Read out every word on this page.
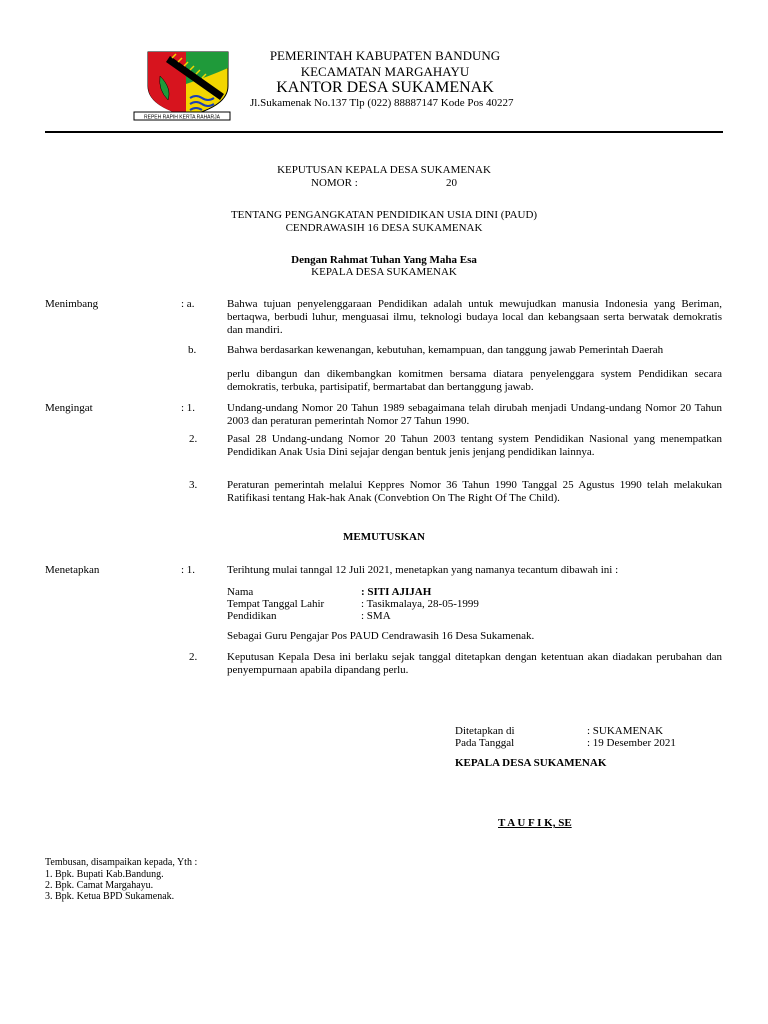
REPEH RAPIH KERTA RAHARJA
PEMERINTAH KABUPATEN BANDUNG
KECAMATAN MARGAHAYU
KANTOR DESA SUKAMENAK
Jl.Sukamenak No.137 Tlp (022) 88887147 Kode Pos 40227
KEPUTUSAN KEPALA DESA SUKAMENAK
NOMOR :	20
TENTANG PENGANGKATAN PENDIDIKAN USIA DINI (PAUD)
CENDRAWASIH 16 DESA SUKAMENAK
Dengan Rahmat Tuhan Yang Maha Esa
KEPALA DESA SUKAMENAK
Menimbang	: a.	Bahwa tujuan penyelenggaraan Pendidikan adalah untuk mewujudkan manusia Indonesia yang Beriman, bertaqwa, berbudi luhur, menguasai ilmu, teknologi budaya local dan kebangsaan serta berwatak demokratis dan mandiri.
b.	Bahwa berdasarkan kewenangan, kebutuhan, kemampuan, dan tanggung jawab Pemerintah Daerah
perlu dibangun dan dikembangkan komitmen bersama diatara penyelenggara system Pendidikan secara demokratis, terbuka, partisipatif, bermartabat dan bertanggung jawab.
Mengingat	: 1.	Undang-undang Nomor 20 Tahun 1989 sebagaimana telah dirubah menjadi Undang-undang Nomor 20 Tahun 2003 dan peraturan pemerintah Nomor 27 Tahun 1990.
2.	Pasal 28 Undang-undang Nomor 20 Tahun 2003 tentang system Pendidikan Nasional yang menempatkan Pendidikan Anak Usia Dini sejajar dengan bentuk jenis jenjang pendidikan lainnya.
3.	Peraturan pemerintah melalui Keppres Nomor 36 Tahun 1990 Tanggal 25 Agustus 1990 telah melakukan Ratifikasi tentang Hak-hak Anak (Convebtion On The Right Of The Child).
MEMUTUSKAN
Menetapkan	: 1.	Terihtung mulai tanngal 12 Juli 2021, menetapkan yang namanya tecantum dibawah ini :
Nama	: SITI AJIJAH
Tempat Tanggal Lahir	: Tasikmalaya, 28-05-1999
Pendidikan	: SMA
Sebagai Guru Pengajar Pos PAUD Cendrawasih 16 Desa Sukamenak.
2.	Keputusan Kepala Desa ini berlaku sejak tanggal ditetapkan dengan ketentuan akan diadakan perubahan dan penyempurnaan apabila dipandang perlu.
Ditetapkan di	: SUKAMENAK
Pada Tanggal	: 19 Desember 2021
KEPALA DESA SUKAMENAK
T A U F I K, SE
Tembusan, disampaikan kepada, Yth :
1. Bpk. Bupati Kab.Bandung.
2. Bpk. Camat Margahayu.
3. Bpk. Ketua BPD Sukamenak.
